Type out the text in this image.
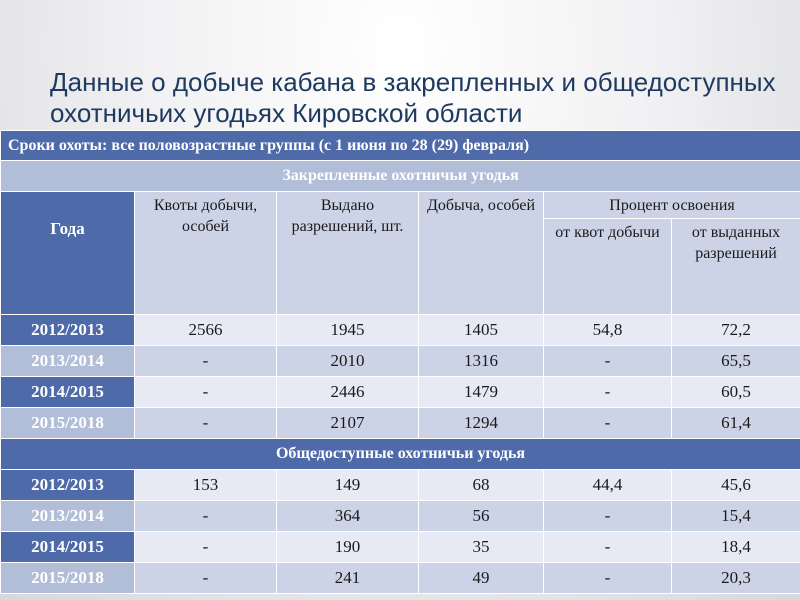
Данные о добыче кабана в закрепленных и общедоступных охотничьих угодьях Кировской области
Сроки охоты: все половозрастные группы (с 1 июня по 28 (29) февраля)					
Закрепленные охотничьи угодья					
Года	Квоты добычи, особей	Выдано разрешений, шт.	Добыча, особей	Процент освоения	
				от квот добычи	от выданных разрешений
2012/2013	2566	1945	1405	54,8	72,2
2013/2014	-	2010	1316	-	65,5
2014/2015	-	2446	1479	-	60,5
2015/2018	-	2107	1294	-	61,4
Общедоступные охотничьи угодья					
2012/2013	153	149	68	44,4	45,6
2013/2014	-	364	56	-	15,4
2014/2015	-	190	35	-	18,4
2015/2018	-	241	49	-	20,3
